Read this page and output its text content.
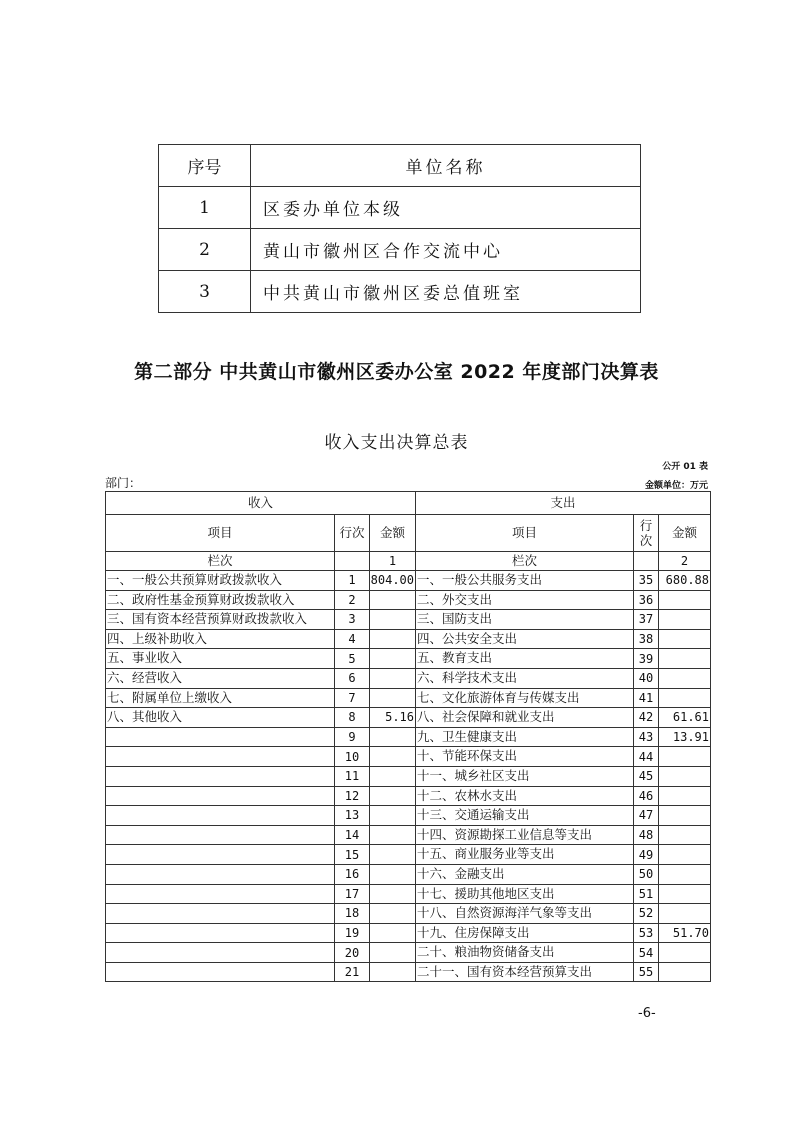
序号	单位名称
1	区委办单位本级
2	黄山市徽州区合作交流中心
3	中共黄山市徽州区委总值班室
第二部分 中共黄山市徽州区委办公室 2022 年度部门决算表
收入支出决算总表
公开 01 表
部门：	金额单位：万元
收入			支出		
项目	行次	金额	项目	行
次	金额
栏次		1	栏次		2
一、一般公共预算财政拨款收入	1	804.00	一、一般公共服务支出	35	680.88
二、政府性基金预算财政拨款收入	2		二、外交支出	36	
三、国有资本经营预算财政拨款收入	3		三、国防支出	37	
四、上级补助收入	4		四、公共安全支出	38	
五、事业收入	5		五、教育支出	39	
六、经营收入	6		六、科学技术支出	40	
七、附属单位上缴收入	7		七、文化旅游体育与传媒支出	41	
八、其他收入	8	5.16	八、社会保障和就业支出	42	61.61
	9		九、卫生健康支出	43	13.91
	10		十、节能环保支出	44	
	11		十一、城乡社区支出	45	
	12		十二、农林水支出	46	
	13		十三、交通运输支出	47	
	14		十四、资源勘探工业信息等支出	48	
	15		十五、商业服务业等支出	49	
	16		十六、金融支出	50	
	17		十七、援助其他地区支出	51	
	18		十八、自然资源海洋气象等支出	52	
	19		十九、住房保障支出	53	51.70
	20		二十、粮油物资储备支出	54	
	21		二十一、国有资本经营预算支出	55	
-6-
